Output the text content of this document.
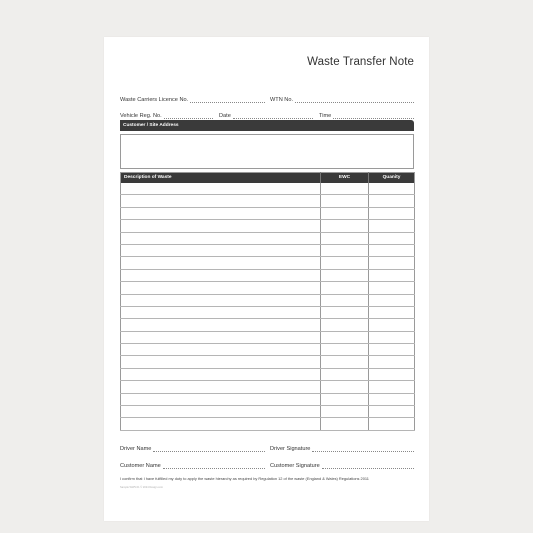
Waste Transfer Note
Waste Carriers Licence No.	WTN No.
Vehicle Reg. No.	Date	Time
Customer / Site Address
Description of Waste	EWC	Quanity

Driver Name	Driver Signature
Customer Name	Customer Signature
I confirm that I have fulfilled my duty to apply the waste hierarchy as required by Regulation 12 of the waste (England & Wales) Regulations 2011
Sample WWV.01 © 2024 Design.com
